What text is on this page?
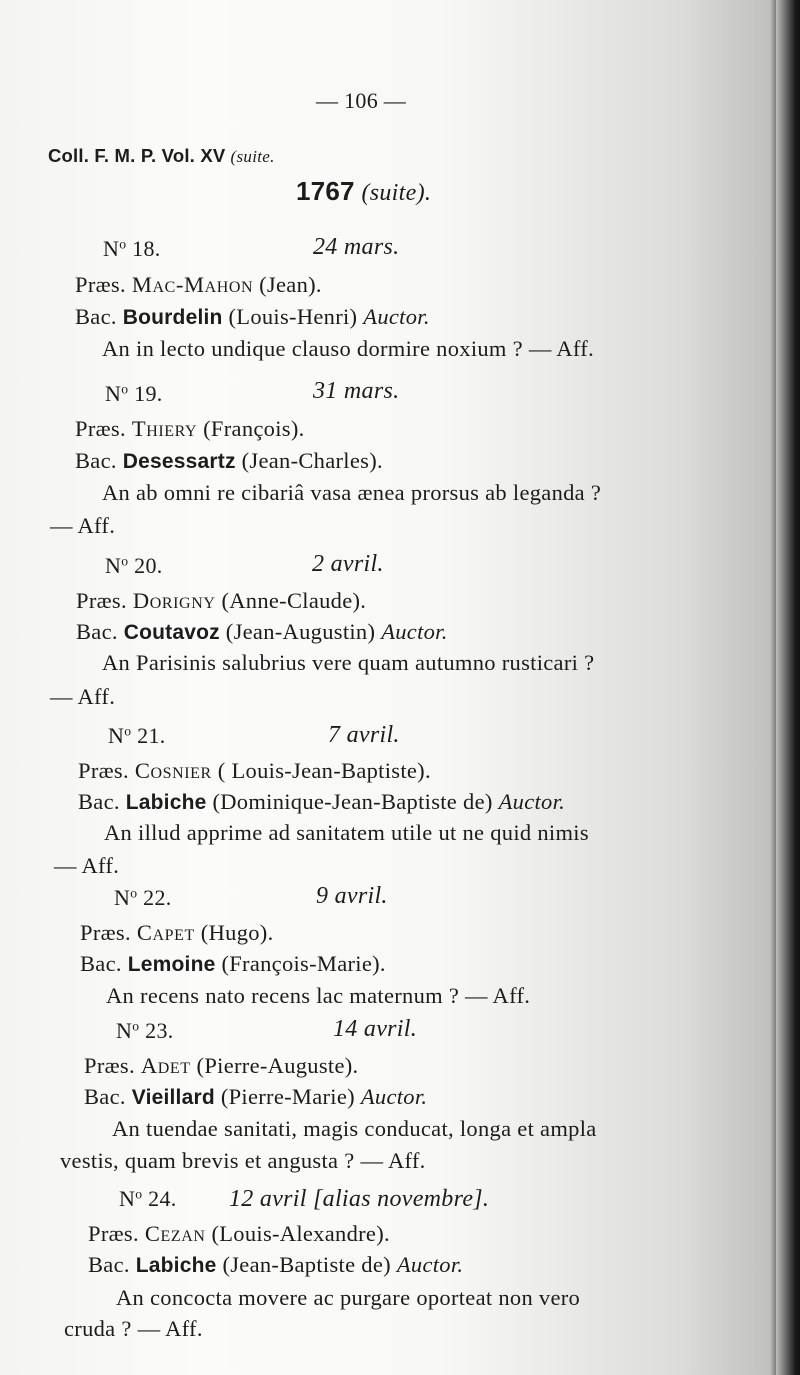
— 106 —
Coll. F. M. P. Vol. XV (suite.
1767 (suite).
$N^o$ 18.	24 mars.
Præs. Mac-Mahon (Jean).
Bac. Bourdelin (Louis-Henri) Auctor.
An in lecto undique clauso dormire noxium ? — Aff.
$N^o$ 19.	31 mars.
Præs. Thiery (François).
Bac. Desessartz (Jean-Charles).
An ab omni re cibariâ vasa ænea prorsus ab leganda ?
— Aff.
$N^o$ 20.	2 avril.
Præs. Dorigny (Anne-Claude).
Bac. Coutavoz (Jean-Augustin) Auctor.
An Parisinis salubrius vere quam autumno rusticari ?
— Aff.
$N^o$ 21.	7 avril.
Præs. Cosnier ( Louis-Jean-Baptiste).
Bac. Labiche (Dominique-Jean-Baptiste de) Auctor.
An illud apprime ad sanitatem utile ut ne quid nimis
— Aff.
$N^o$ 22.	9 avril.
Præs. Capet (Hugo).
Bac. Lemoine (François-Marie).
An recens nato recens lac maternum ? — Aff.
$N^o$ 23.	14 avril.
Præs. Adet (Pierre-Auguste).
Bac. Vieillard (Pierre-Marie) Auctor.
An tuendae sanitati, magis conducat, longa et ampla
vestis, quam brevis et angusta ? — Aff.
$N^o$ 24. 12 avril [alias novembre].
Præs. Cezan (Louis-Alexandre).
Bac. Labiche (Jean-Baptiste de) Auctor.
An concocta movere ac purgare oporteat non vero
cruda ? — Aff.
